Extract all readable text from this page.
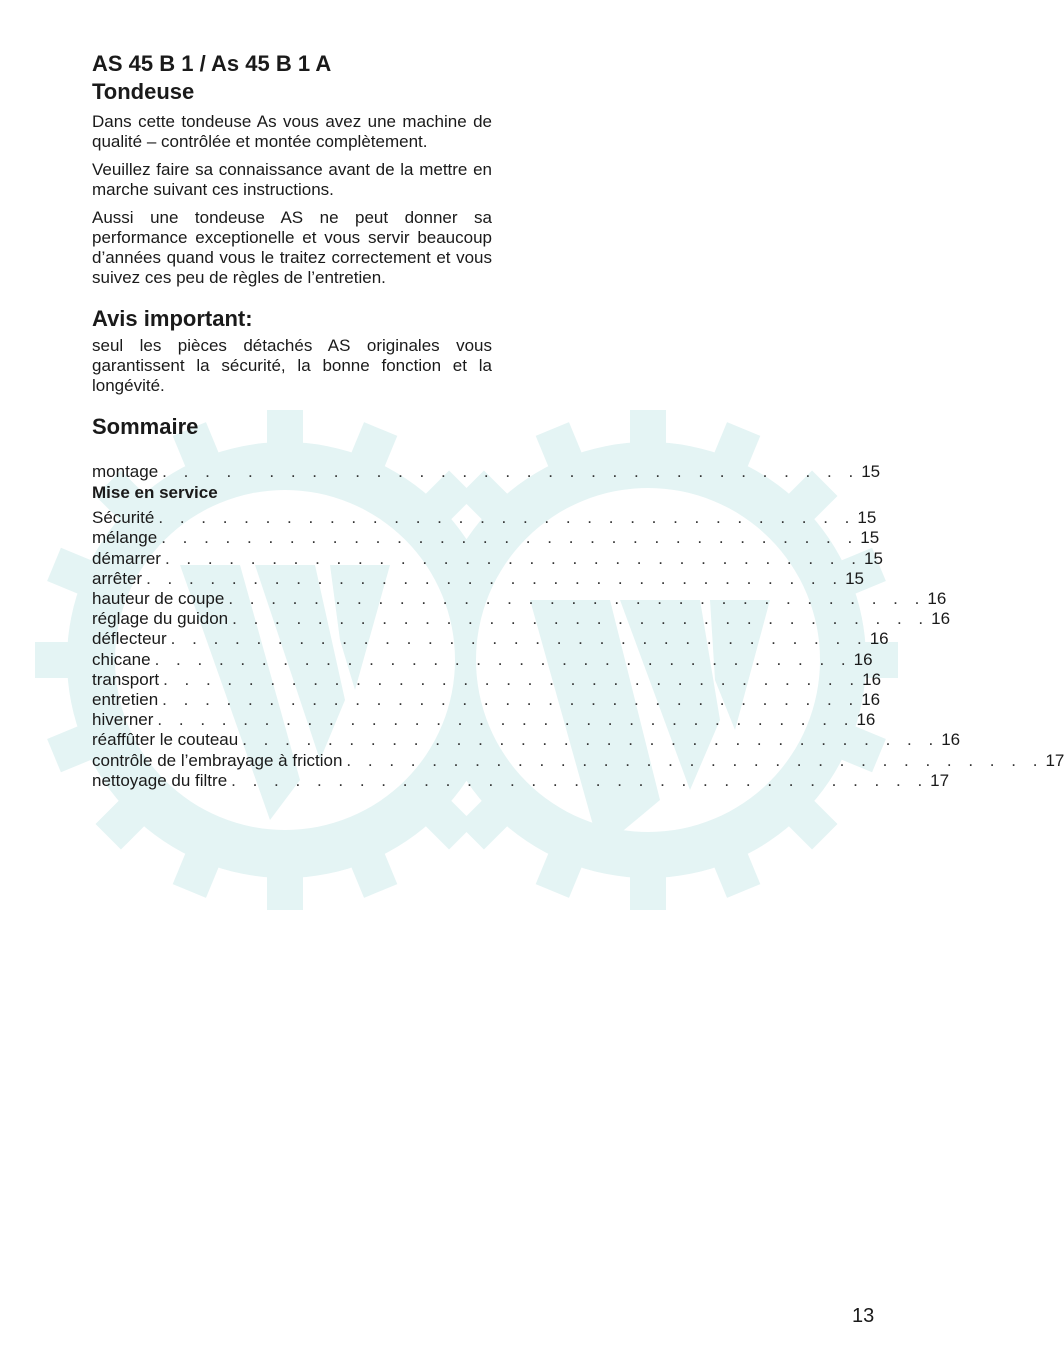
AS 45 B 1 / As 45 B 1 A
Tondeuse

Dans cette tondeuse As vous avez une machine de qualité – contrôlée et montée complètement.

Veuillez faire sa connaissance avant de la mettre en marche suivant ces instructions.

Aussi une tondeuse AS ne peut donner sa performance exceptionelle et vous servir beaucoup d’années quand vous le traitez correctement et vous suivez ces peu de règles de l’entretien.

Avis important:

seul les pièces détachés AS originales vous garantissent la sécurité, la bonne fonction et la longévité.

Sommaire
montage . . . . . . . . . . . . . . . . . . . . . . . . . . . . . . . . . 15
Mise en service
Sécurité . . . . . . . . . . . . . . . . . . . . . . . . . . . . . . . . . 15
mélange . . . . . . . . . . . . . . . . . . . . . . . . . . . . . . . . . 15
démarrer . . . . . . . . . . . . . . . . . . . . . . . . . . . . . . . . . 15
arrêter . . . . . . . . . . . . . . . . . . . . . . . . . . . . . . . . . 15
hauteur de coupe . . . . . . . . . . . . . . . . . . . . . . . . . . . . . . . . . 16
réglage du guidon . . . . . . . . . . . . . . . . . . . . . . . . . . . . . . . . . 16
déflecteur . . . . . . . . . . . . . . . . . . . . . . . . . . . . . . . . . 16
chicane . . . . . . . . . . . . . . . . . . . . . . . . . . . . . . . . . 16
transport . . . . . . . . . . . . . . . . . . . . . . . . . . . . . . . . . 16
entretien . . . . . . . . . . . . . . . . . . . . . . . . . . . . . . . . . 16
hiverner . . . . . . . . . . . . . . . . . . . . . . . . . . . . . . . . . 16
réaffûter le couteau . . . . . . . . . . . . . . . . . . . . . . . . . . . . . . . . . 16
contrôle de l’embrayage à friction . . . . . . . . . . . . . . . . . . . . . . . . . . . . . . . . . 17
nettoyage du filtre . . . . . . . . . . . . . . . . . . . . . . . . . . . . . . . . . 17
13
